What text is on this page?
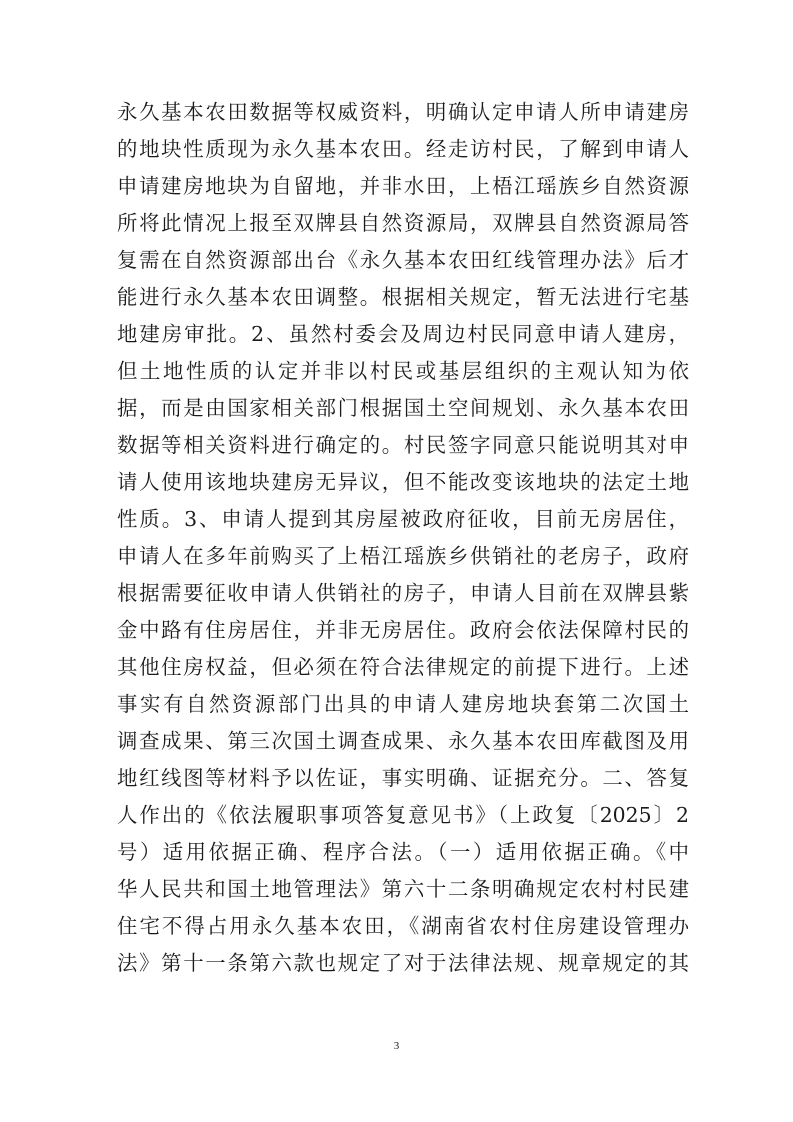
永久基本农田数据等权威资料，明确认定申请人所申请建房
的地块性质现为永久基本农田。经走访村民，了解到申请人
申请建房地块为自留地，并非水田，上梧江瑶族乡自然资源
所将此情况上报至双牌县自然资源局，双牌县自然资源局答
复需在自然资源部出台《永久基本农田红线管理办法》后才
能进行永久基本农田调整。根据相关规定，暂无法进行宅基
地建房审批。2、虽然村委会及周边村民同意申请人建房，
但土地性质的认定并非以村民或基层组织的主观认知为依
据，而是由国家相关部门根据国土空间规划、永久基本农田
数据等相关资料进行确定的。村民签字同意只能说明其对申
请人使用该地块建房无异议，但不能改变该地块的法定土地
性质。3、申请人提到其房屋被政府征收，目前无房居住，
申请人在多年前购买了上梧江瑶族乡供销社的老房子，政府
根据需要征收申请人供销社的房子，申请人目前在双牌县紫
金中路有住房居住，并非无房居住。政府会依法保障村民的
其他住房权益，但必须在符合法律规定的前提下进行。上述
事实有自然资源部门出具的申请人建房地块套第二次国土
调查成果、第三次国土调查成果、永久基本农田库截图及用
地红线图等材料予以佐证，事实明确、证据充分。二、答复
人作出的《依法履职事项答复意见书》（上政复〔2025〕2
号）适用依据正确、程序合法。（一）适用依据正确。《中
华人民共和国土地管理法》第六十二条明确规定农村村民建
住宅不得占用永久基本农田，《湖南省农村住房建设管理办
法》第十一条第六款也规定了对于法律法规、规章规定的其
3
